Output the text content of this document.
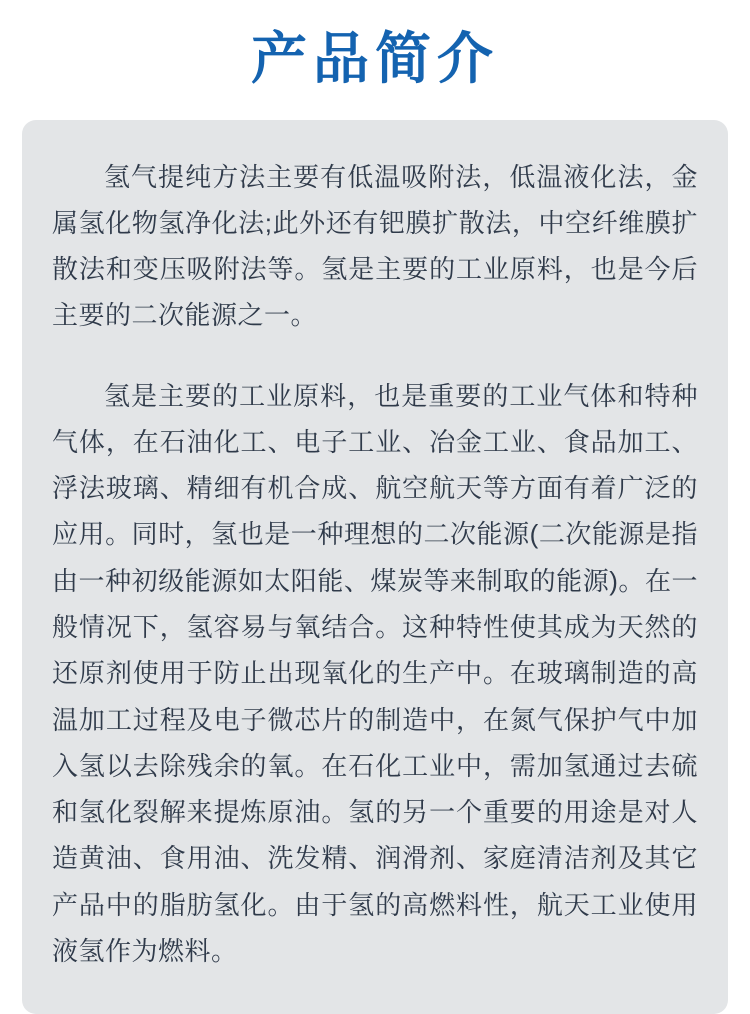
产品简介

氢气提纯方法主要有低温吸附法，低温液化法，金属氢化物氢净化法;此外还有钯膜扩散法，中空纤维膜扩散法和变压吸附法等。氢是主要的工业原料，也是今后主要的二次能源之一。

氢是主要的工业原料，也是重要的工业气体和特种气体，在石油化工、电子工业、冶金工业、食品加工、浮法玻璃、精细有机合成、航空航天等方面有着广泛的应用。同时，氢也是一种理想的二次能源(二次能源是指由一种初级能源如太阳能、煤炭等来制取的能源)。在一般情况下，氢容易与氧结合。这种特性使其成为天然的还原剂使用于防止出现氧化的生产中。在玻璃制造的高温加工过程及电子微芯片的制造中，在氮气保护气中加入氢以去除残余的氧。在石化工业中，需加氢通过去硫和氢化裂解来提炼原油。氢的另一个重要的用途是对人造黄油、食用油、洗发精、润滑剂、家庭清洁剂及其它产品中的脂肪氢化。由于氢的高燃料性，航天工业使用液氢作为燃料。
